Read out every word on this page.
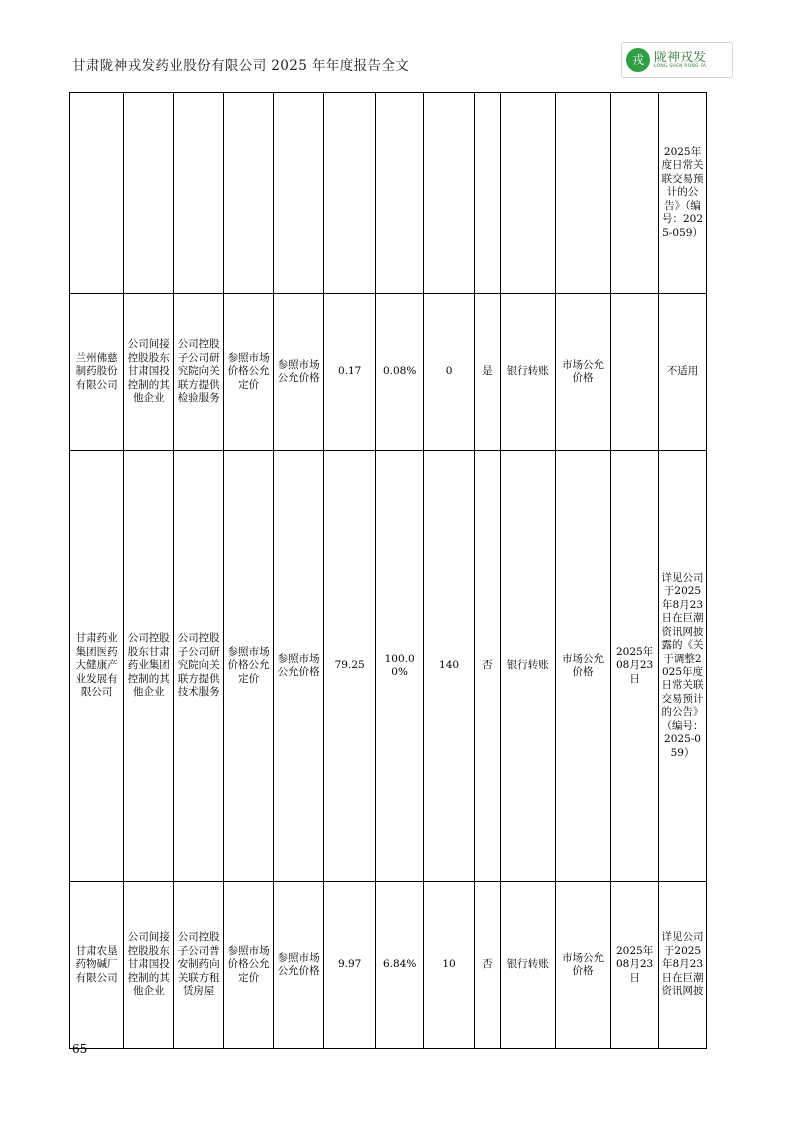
甘肃陇神戎发药业股份有限公司 2025 年年度报告全文	戎 陇神戎发
LONG SHEN RONG FA
												2025年度日常关联交易预计的公告》（编号：2025-059）
兰州佛慈制药股份有限公司	公司间接控股股东甘肃国投控制的其他企业	公司控股子公司研究院向关联方提供检验服务	参照市场价格公允定价	参照市场公允价格	0.17	0.08%	0	是	银行转账	市场公允价格		不适用
甘肃药业集团医药大健康产业发展有限公司	公司控股股东甘肃药业集团控制的其他企业	公司控股子公司研究院向关联方提供技术服务	参照市场价格公允定价	参照市场公允价格	79.25	100.00%	140	否	银行转账	市场公允价格	2025年08月23日	详见公司于2025年8月23日在巨潮资讯网披露的《关于调整2025年度日常关联交易预计的公告》（编号：2025-059）
甘肃农垦药物碱厂有限公司	公司间接控股股东甘肃国投控制的其他企业	公司控股子公司普安制药向关联方租赁房屋	参照市场价格公允定价	参照市场公允价格	9.97	6.84%	10	否	银行转账	市场公允价格	2025年08月23日	详见公司于2025年8月23日在巨潮资讯网披
65
